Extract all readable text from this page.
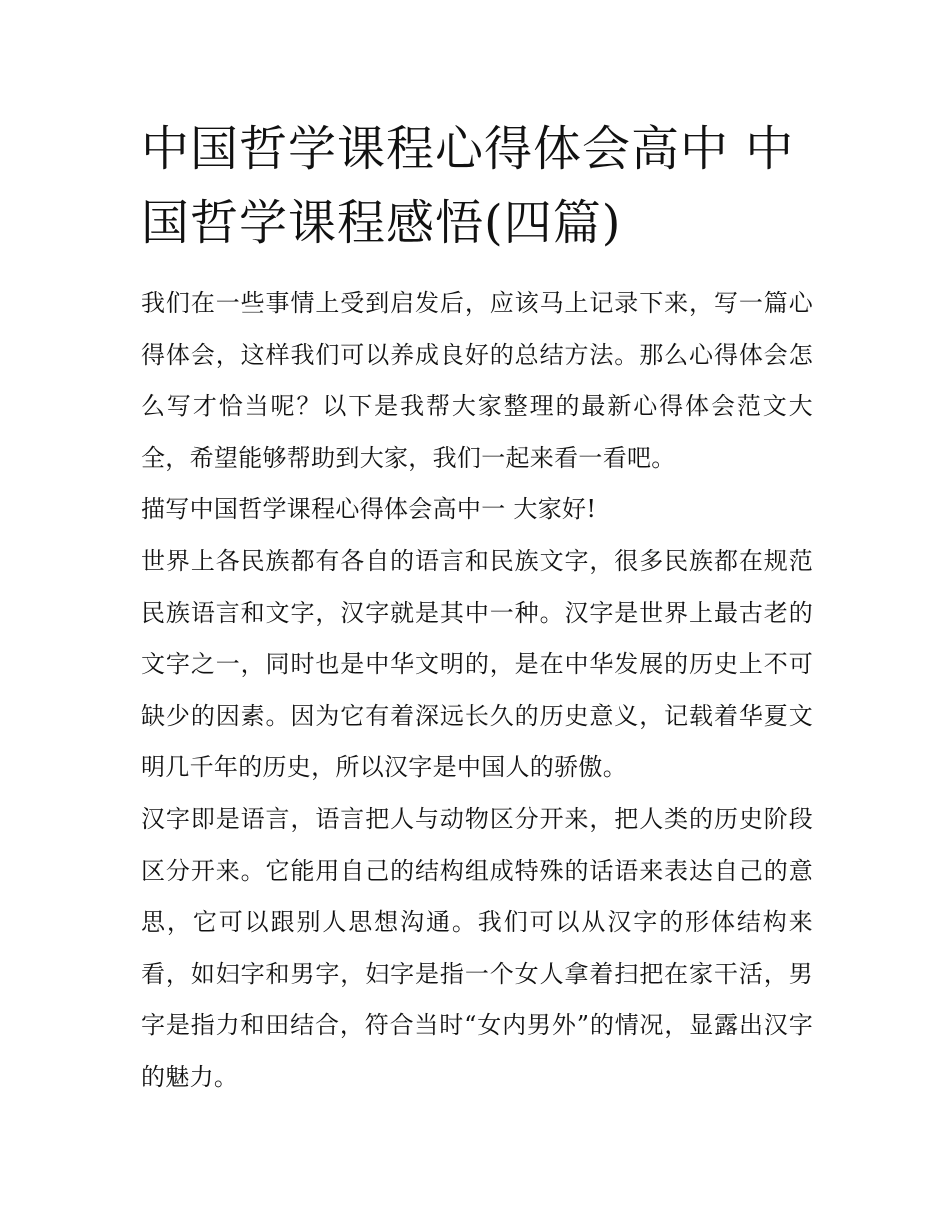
中国哲学课程心得体会高中 中国哲学课程感悟(四篇)

我们在一些事情上受到启发后，应该马上记录下来，写一篇心得体会，这样我们可以养成良好的总结方法。那么心得体会怎么写才恰当呢？以下是我帮大家整理的最新心得体会范文大全，希望能够帮助到大家，我们一起来看一看吧。

描写中国哲学课程心得体会高中一 大家好!

世界上各民族都有各自的语言和民族文字，很多民族都在规范民族语言和文字，汉字就是其中一种。汉字是世界上最古老的文字之一，同时也是中华文明的，是在中华发展的历史上不可缺少的因素。因为它有着深远长久的历史意义，记载着华夏文明几千年的历史，所以汉字是中国人的骄傲。

汉字即是语言，语言把人与动物区分开来，把人类的历史阶段区分开来。它能用自己的结构组成特殊的话语来表达自己的意思，它可以跟别人思想沟通。我们可以从汉字的形体结构来看，如妇字和男字，妇字是指一个女人拿着扫把在家干活，男字是指力和田结合，符合当时“女内男外”的情况，显露出汉字的魅力。
